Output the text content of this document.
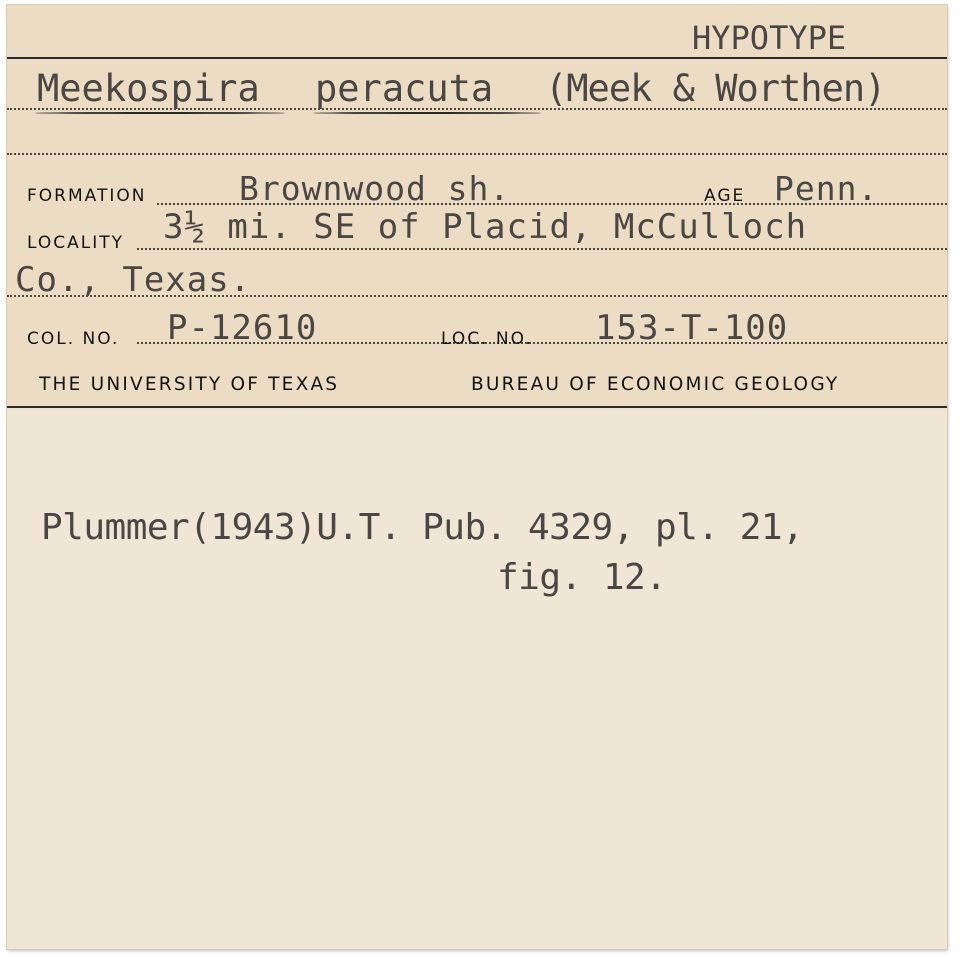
HYPOTYPE
Meekospira peracuta (Meek & Worthen)
FORMATION	Brownwood sh.	AGE Penn.
LOCALITY 3½ mi. SE of Placid, McCulloch
Co., Texas.
COL. NO. P-12610	LOC. NO. 153-T-100
THE UNIVERSITY OF TEXAS	BUREAU OF ECONOMIC GEOLOGY
Plummer(1943)U.T. Pub. 4329, pl. 21,
fig. 12.
